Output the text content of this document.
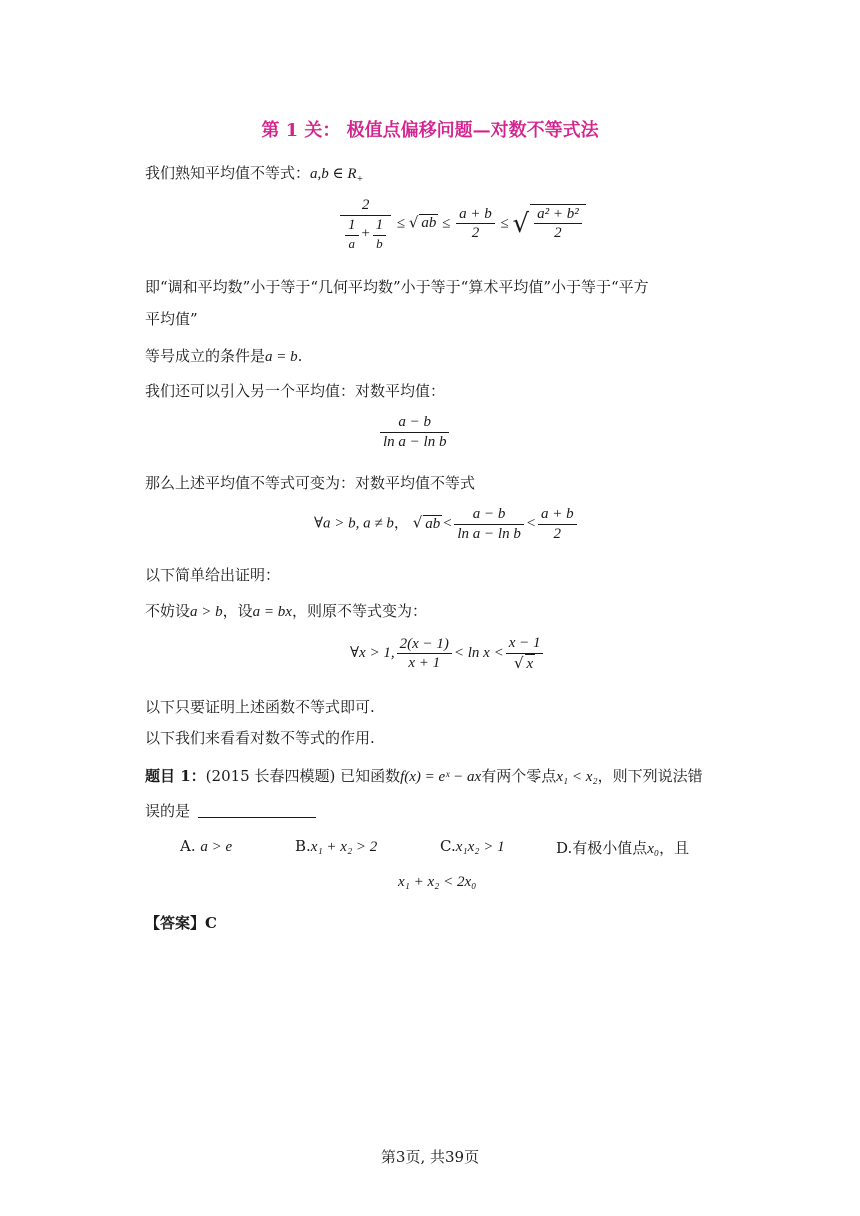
第 1 关： 极值点偏移问题—对数不等式法
我们熟知平均值不等式：a,b ∈ $R_+$
$\frac{2}{\frac{1}{a} + \frac{1}{b}}$ ≤ √ ab ≤ $\frac{a + b}{2}$ ≤ √ $\frac{\text{a² + b²}}{2}$
即“调和平均数”小于等于“几何平均数”小于等于“算术平均值”小于等于“平方
平均值”
等号成立的条件是a = b.
我们还可以引入另一个平均值：对数平均值：
$\frac{a - b}{\text{ln a − ln b}}$
那么上述平均值不等式可变为：对数平均值不等式
∀a > b, a ≠ b， √ ab < $\frac{a - b}{\text{ln a − ln b}} < \frac{a + b}{2}$
以下简单给出证明：
不妨设a > b，设a = bx，则原不等式变为：
∀x > 1, $\frac{2(x - 1)}{x + 1} < \ln x < \frac{x - 1}{√ x}$
以下只要证明上述函数不等式即可.
以下我们来看看对数不等式的作用.
题目 1：(2015 长春四模题) 已知函数f(x) = eˣ − ax有两个零点x₁ < x₂，则下列说法错
误的是
A. a > e	B.x₁ + x₂ > 2	C.x₁x₂ > 1	D.有极小值点x₀，且
x₁ + x₂ < 2x₀
【答案】C
第3页, 共39页
